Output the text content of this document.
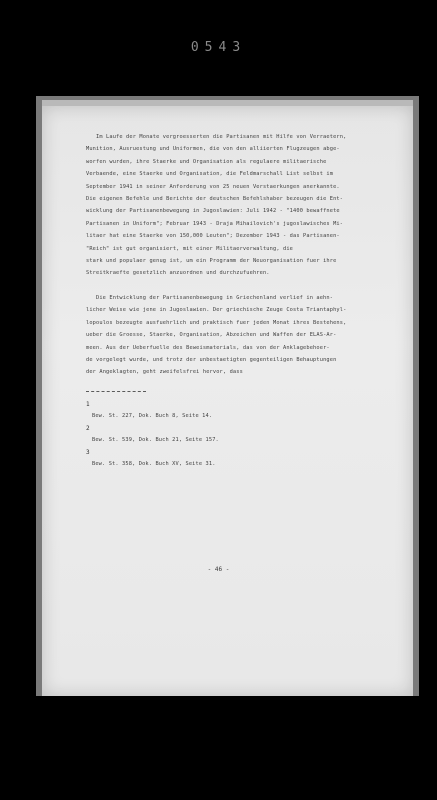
0543

Im Laufe der Monate vergroesserten die Partisanen mit Hilfe von Verraetern,

Munition, Ausruestung und Uniformen, die von den alliierten Flugzeugen abge-

worfen wurden, ihre Staerke und Organisation als regulaere militaerische

Verbaende, eine Staerke und Organisation, die Feldmarschall List selbst im

September 1941 in seiner Anforderung von 25 neuen Verstaerkungen anerkannte.

Die eigenen Befehle und Berichte der deutschen Befehlshaber bezeugen die Ent-

wicklung der Partisanenbewegung in Jugoslawien: Juli 1942 - "1400 bewaffnete

Partisanen in Uniform"; Februar 1943 - Draja Mihailovich's jugoslawisches Mi-

litaer hat eine Staerke von 150,000 Leuten"; Dezember 1943 - das Partisanen-

"Reich" ist gut organisiert, mit einer Militaerverwaltung, die

stark und populaer genug ist, um ein Programm der Neuorganisation fuer ihre

Streitkraefte gesetzlich anzuordnen und durchzufuehren.

Die Entwicklung der Partisanenbewegung in Griechenland verlief in aehn-

licher Weise wie jene in Jugoslawien. Der griechische Zeuge Costa Triantaphyl-

lopoulos bezeugte ausfuehrlich und praktisch fuer jeden Monat ihres Bestehens,

ueber die Groesse, Staerke, Organisation, Abzeichen und Waffen der ELAS-Ar-

meen. Aus der Ueberfuelle des Beweismaterials, das von der Anklagebehoer-

de vorgelegt wurde, und trotz der unbestaetigten gegenteiligen Behauptungen

der Angeklagten, geht zweifelsfrei hervor, dass

1
Bew. St. 227, Dok. Buch 8, Seite 14.
2
Bew. St. 539, Dok. Buch 21, Seite 157.
3
Bew. St. 358, Dok. Buch XV, Seite 31.
- 46 -
